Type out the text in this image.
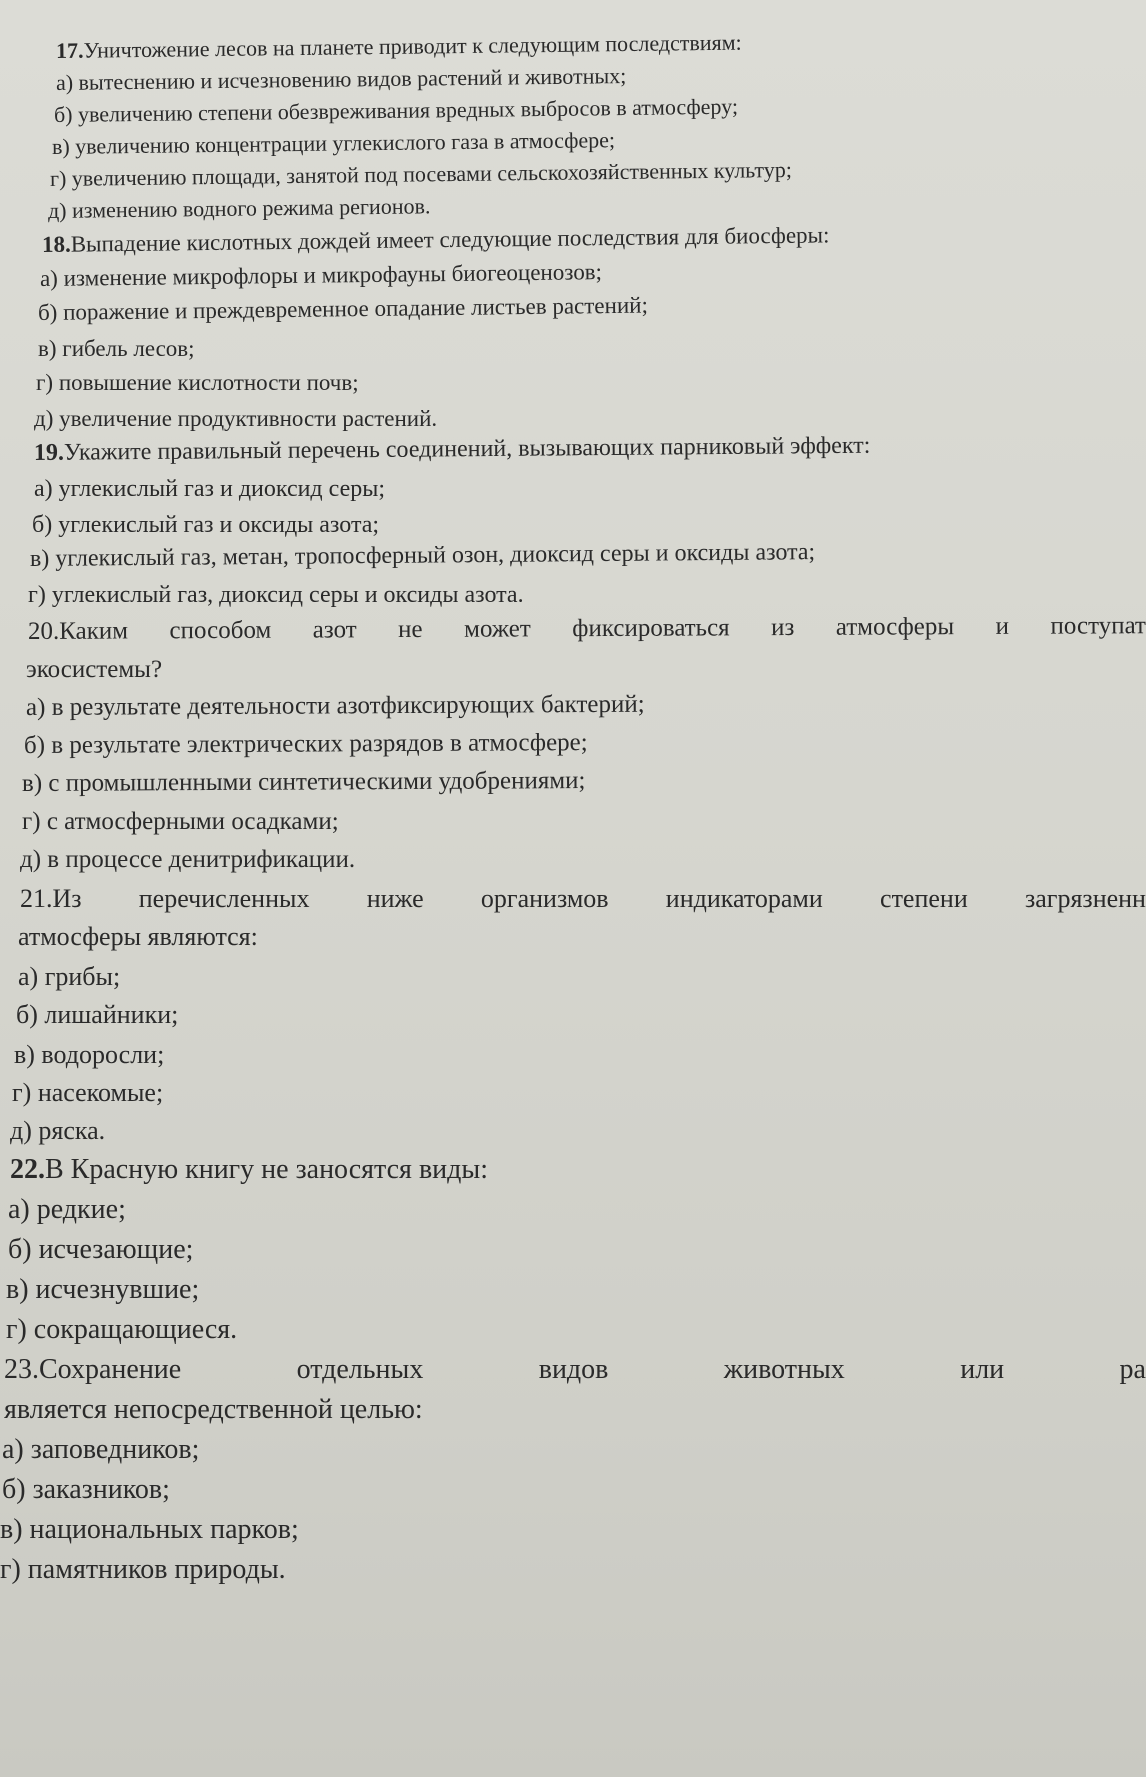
17.Уничтожение лесов на планете приводит к следующим последствиям:
а) вытеснению и исчезновению видов растений и животных;
б) увеличению степени обезвреживания вредных выбросов в атмосферу;
в) увеличению концентрации углекислого газа в атмосфере;
г) увеличению площади, занятой под посевами сельскохозяйственных культур;
д) изменению водного режима регионов.
18.Выпадение кислотных дождей имеет следующие последствия для биосферы:
а) изменение микрофлоры и микрофауны биогеоценозов;
б) поражение и преждевременное опадание листьев растений;
в) гибель лесов;
г) повышение кислотности почв;
д) увеличение продуктивности растений.
19.Укажите правильный перечень соединений, вызывающих парниковый эффект:
а) углекислый газ и диоксид серы;
б) углекислый газ и оксиды азота;
в) углекислый газ, метан, тропосферный озон, диоксид серы и оксиды азота;
г) углекислый газ, диоксид серы и оксиды азота.
20.Каким способом азот не может фиксироваться из атмосферы и поступат
экосистемы?
а) в результате деятельности азотфиксирующих бактерий;
б) в результате электрических разрядов в атмосфере;
в) с промышленными синтетическими удобрениями;
г) с атмосферными осадками;
д) в процессе денитрификации.
21.Из перечисленных ниже организмов индикаторами степени загрязненн
атмосферы являются:
а) грибы;
б) лишайники;
в) водоросли;
г) насекомые;
д) ряска.
22.В Красную книгу не заносятся виды:
а) редкие;
б) исчезающие;
в) исчезнувшие;
г) сокращающиеся.
23.Сохранение	отдельных	видов	животных	или	ра
является непосредственной целью:
а) заповедников;
б) заказников;
в) национальных парков;
г) памятников природы.
